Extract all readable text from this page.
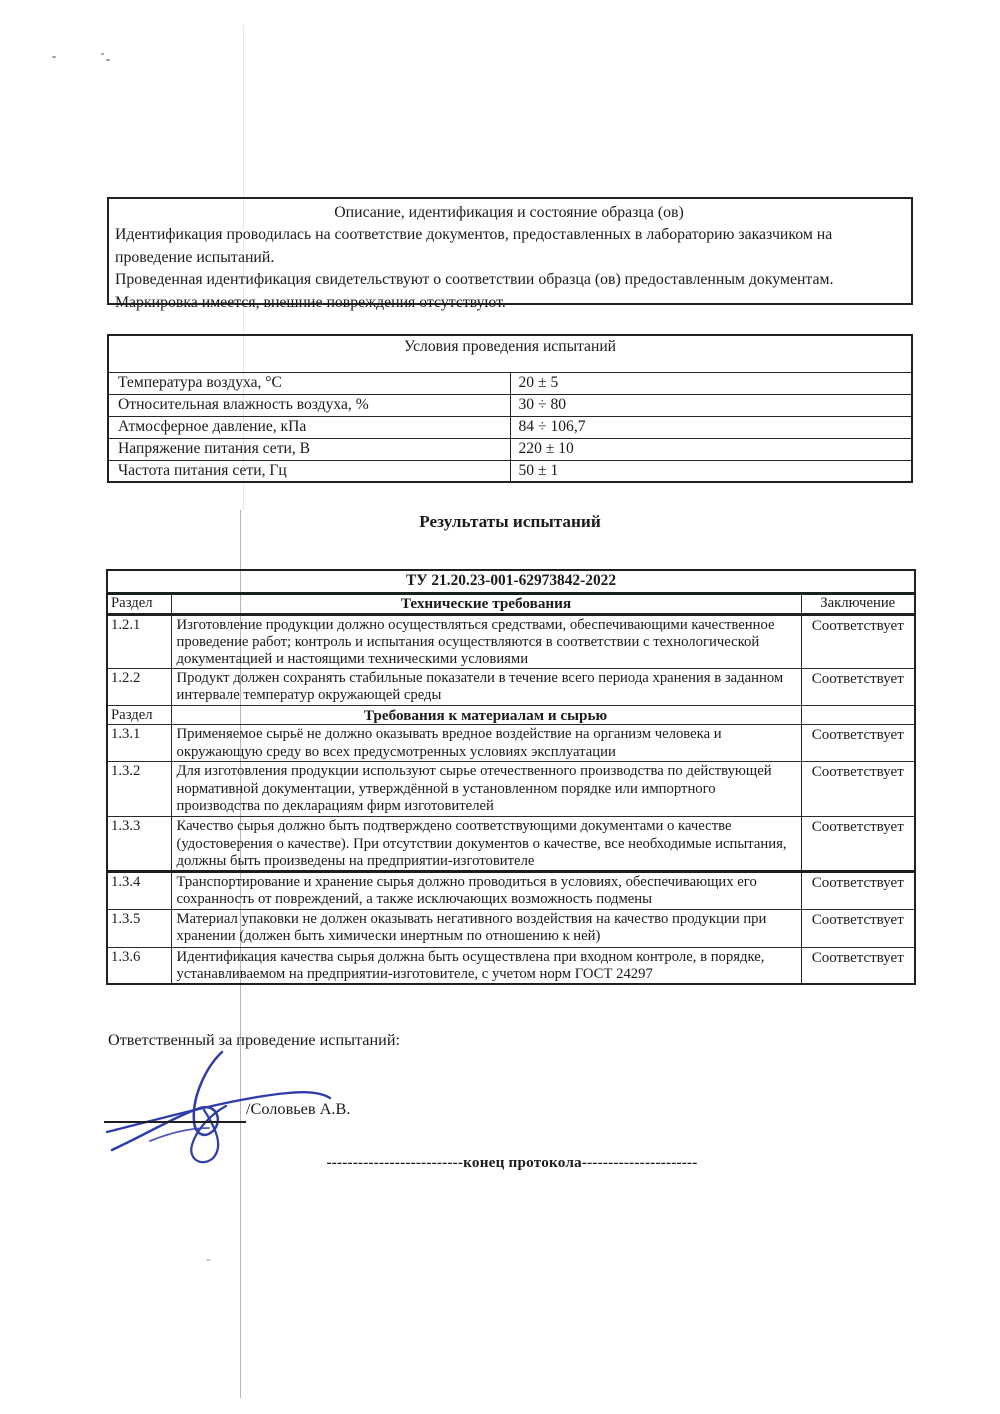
Описание, идентификация и состояние образца (ов)

Идентификация проводилась на соответствие документов, предоставленных в лабораторию заказчиком на проведение испытаний.

Проведенная идентификация свидетельствуют о соответствии образца (ов) предоставленным документам.

Маркировка имеется, внешние повреждения отсутствуют.

Условия проведения испытаний	
Температура воздуха, °С	20 ± 5
Относительная влажность воздуха, %	30 ÷ 80
Атмосферное давление, кПа	84 ÷ 106,7
Напряжение питания сети, В	220 ± 10
Частота питания сети, Гц	50 ± 1
Результаты испытаний
ТУ 21.20.23-001-62973842-2022		
Раздел	Технические требования	Заключение
1.2.1	Изготовление продукции должно осуществляться средствами, обеспечивающими качественное проведение работ; контроль и испытания осуществляются в соответствии с технологической документацией и настоящими техническими условиями	Соответствует
1.2.2	Продукт должен сохранять стабильные показатели в течение всего периода хранения в заданном интервале температур окружающей среды	Соответствует
Раздел	Требования к материалам и сырью	
1.3.1	Применяемое сырьё не должно оказывать вредное воздействие на организм человека и окружающую среду во всех предусмотренных условиях эксплуатации	Соответствует
1.3.2	Для изготовления продукции используют сырье отечественного производства по действующей нормативной документации, утверждённой в установленном порядке или импортного производства по декларациям фирм изготовителей	Соответствует
1.3.3	Качество сырья должно быть подтверждено соответствующими документами о качестве (удостоверения о качестве). При отсутствии документов о качестве, все необходимые испытания, должны быть произведены на предприятии-изготовителе	Соответствует
1.3.4	Транспортирование и хранение сырья должно проводиться в условиях, обеспечивающих его сохранность от повреждений, а также исключающих возможность подмены	Соответствует
1.3.5	Материал упаковки не должен оказывать негативного воздействия на качество продукции при хранении (должен быть химически инертным по отношению к ней)	Соответствует
1.3.6	Идентификация качества сырья должна быть осуществлена при входном контроле, в порядке, устанавливаемом на предприятии-изготовителе, с учетом норм ГОСТ 24297	Соответствует
Ответственный за проведение испытаний:
/Соловьев А.В.
--------------------------конец протокола----------------------
